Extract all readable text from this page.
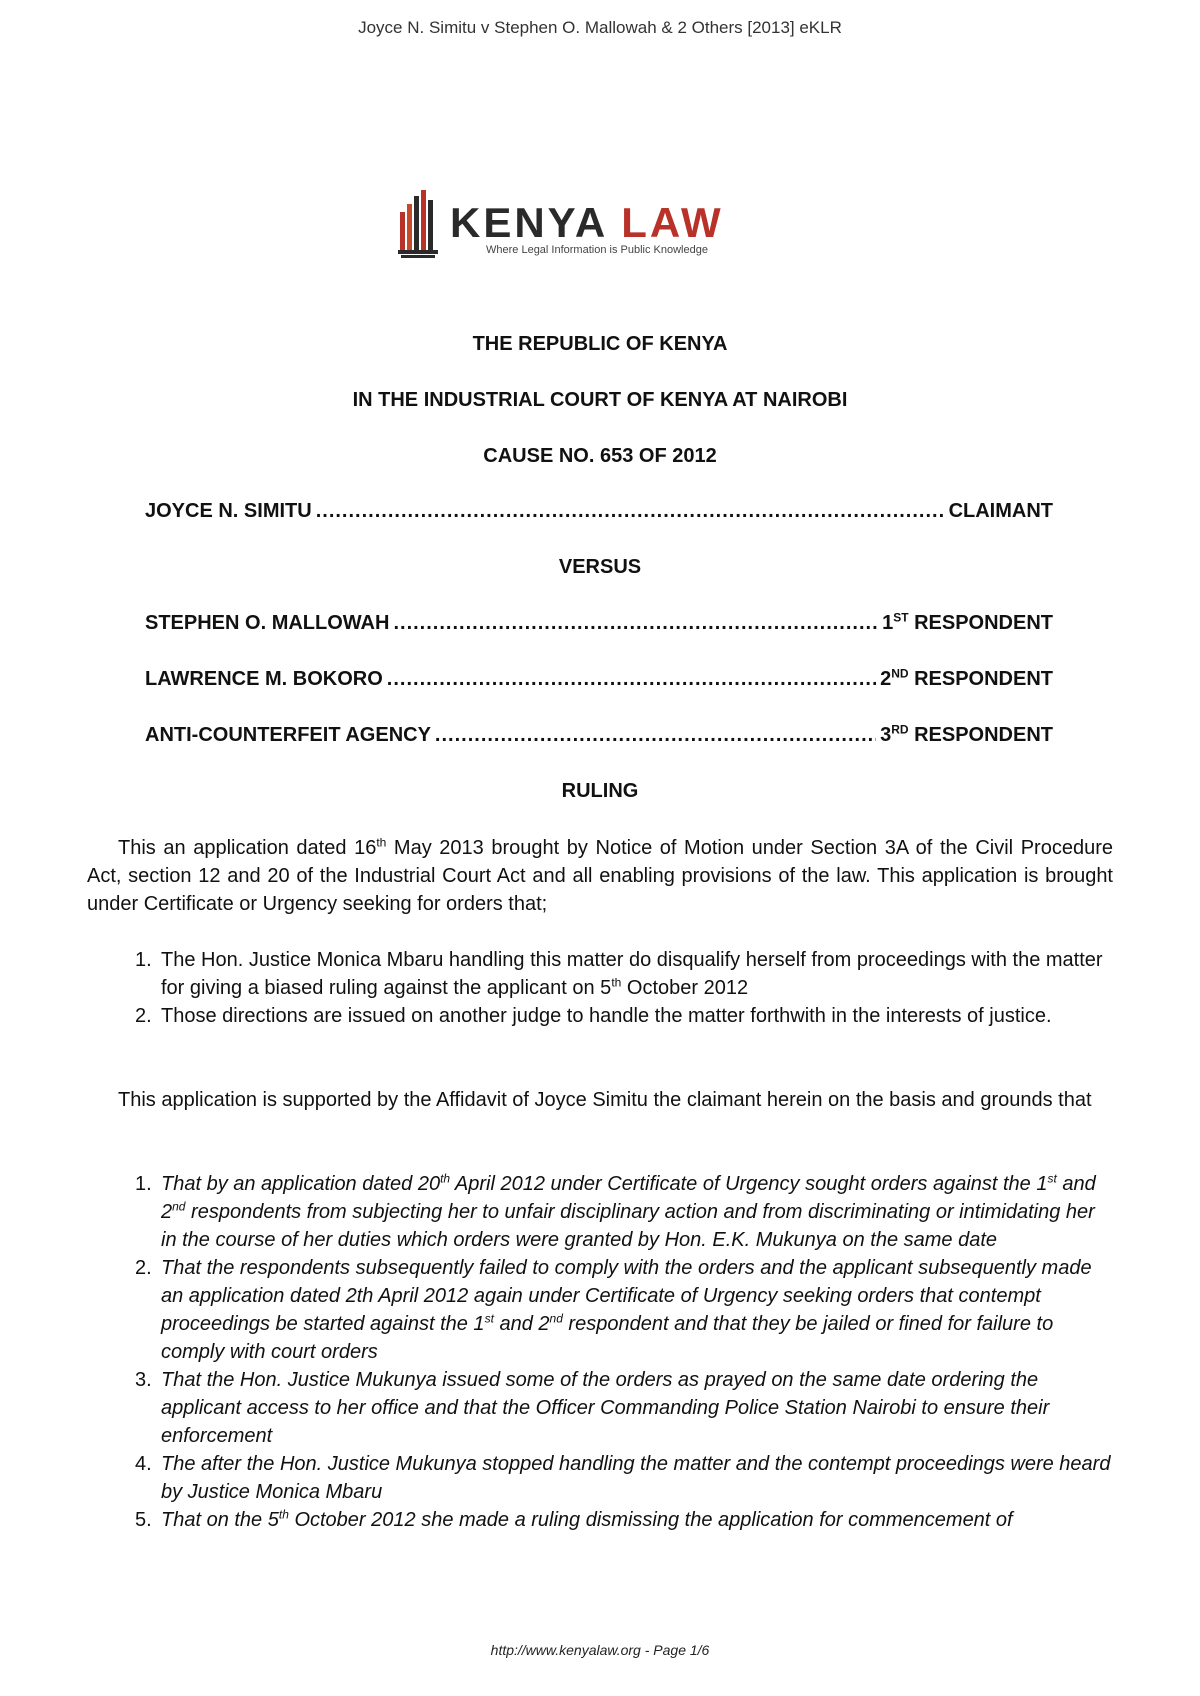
Joyce N. Simitu v Stephen O. Mallowah & 2 Others [2013] eKLR
KENYA LAW
Where Legal Information is Public Knowledge
THE REPUBLIC OF KENYA
IN THE INDUSTRIAL COURT OF KENYA AT NAIROBI
CAUSE NO. 653 OF 2012
JOYCE N. SIMITU .....	CLAIMANT
VERSUS
STEPHEN O. MALLOWAH .....	1ST RESPONDENT
LAWRENCE M. BOKORO .....	2ND RESPONDENT
ANTI-COUNTERFEIT AGENCY .....	3RD RESPONDENT
RULING

This an application dated 16th May 2013 brought by Notice of Motion under Section 3A of the Civil Procedure Act, section 12 and 20 of the Industrial Court Act and all enabling provisions of the law. This application is brought under Certificate or Urgency seeking for orders that;

1. The Hon. Justice Monica Mbaru handling this matter do disqualify herself from proceedings with the matter for giving a biased ruling against the applicant on 5th October 2012
2. Those directions are issued on another judge to handle the matter forthwith in the interests of justice.

This application is supported by the Affidavit of Joyce Simitu the claimant herein on the basis and grounds that

1. That by an application dated 20th April 2012 under Certificate of Urgency sought orders against the 1st and 2nd respondents from subjecting her to unfair disciplinary action and from discriminating or intimidating her in the course of her duties which orders were granted by Hon. E.K. Mukunya on the same date
2. That the respondents subsequently failed to comply with the orders and the applicant subsequently made an application dated 2th April 2012 again under Certificate of Urgency seeking orders that contempt proceedings be started against the 1st and 2nd respondent and that they be jailed or fined for failure to comply with court orders
3. That the Hon. Justice Mukunya issued some of the orders as prayed on the same date ordering the applicant access to her office and that the Officer Commanding Police Station Nairobi to ensure their enforcement
4. The after the Hon. Justice Mukunya stopped handling the matter and the contempt proceedings were heard by Justice Monica Mbaru
5. That on the 5th October 2012 she made a ruling dismissing the application for commencement of
http://www.kenyalaw.org - Page 1/6
